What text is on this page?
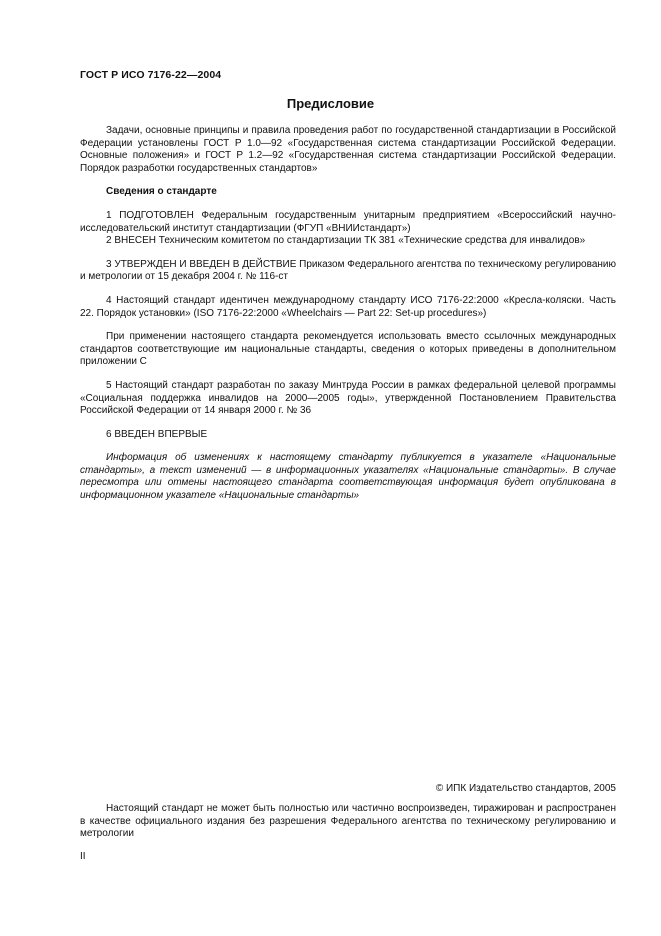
ГОСТ Р ИСО 7176-22—2004
Предисловие

Задачи, основные принципы и правила проведения работ по государственной стандартизации в Российской Федерации установлены ГОСТ Р 1.0—92 «Государственная система стандартизации Российской Федерации. Основные положения» и ГОСТ Р 1.2—92 «Государственная система стандартизации Российской Федерации. Порядок разработки государственных стандартов»

Сведения о стандарте

1 ПОДГОТОВЛЕН Федеральным государственным унитарным предприятием «Всероссийский научно-исследовательский институт стандартизации (ФГУП «ВНИИстандарт»)

2 ВНЕСЕН Техническим комитетом по стандартизации ТК 381 «Технические средства для инвалидов»

3 УТВЕРЖДЕН И ВВЕДЕН В ДЕЙСТВИЕ Приказом Федерального агентства по техническому регулированию и метрологии от 15 декабря 2004 г. № 116-ст

4 Настоящий стандарт идентичен международному стандарту ИСО 7176-22:2000 «Кресла-коляски. Часть 22. Порядок установки» (ISO 7176-22:2000 «Wheelchairs — Part 22: Set-up procedures»)

При применении настоящего стандарта рекомендуется использовать вместо ссылочных международных стандартов соответствующие им национальные стандарты, сведения о которых приведены в дополнительном приложении С

5 Настоящий стандарт разработан по заказу Минтруда России в рамках федеральной целевой программы «Социальная поддержка инвалидов на 2000—2005 годы», утвержденной Постановлением Правительства Российской Федерации от 14 января 2000 г. № 36

6 ВВЕДЕН ВПЕРВЫЕ

Информация об изменениях к настоящему стандарту публикуется в указателе «Национальные стандарты», а текст изменений — в информационных указателях «Национальные стандарты». В случае пересмотра или отмены настоящего стандарта соответствующая информация будет опубликована в информационном указателе «Национальные стандарты»

© ИПК Издательство стандартов, 2005

Настоящий стандарт не может быть полностью или частично воспроизведен, тиражирован и распространен в качестве официального издания без разрешения Федерального агентства по техническому регулированию и метрологии

II
